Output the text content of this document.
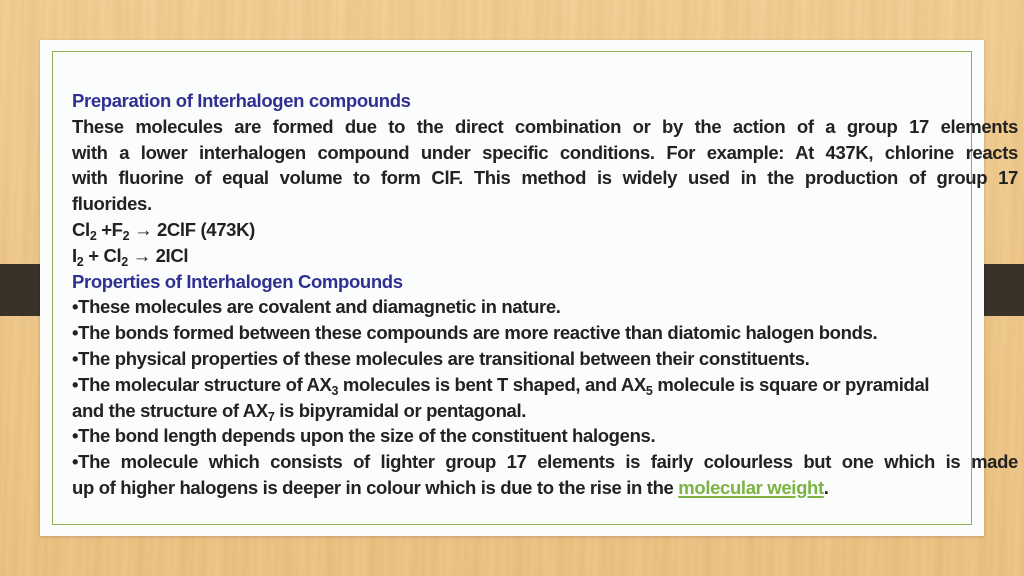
Preparation of Interhalogen compounds
These molecules are formed due to the direct combination or by the action of a group 17 elements
with a lower interhalogen compound under specific conditions. For example: At 437K, chlorine reacts
with fluorine of equal volume to form ClF. This method is widely used in the production of group 17
fluorides.
$Cl_2 +F_2 \to 2ClF$ (473K)
$I_2 + Cl_2 \to 2ICl$
Properties of Interhalogen Compounds
•These molecules are covalent and diamagnetic in nature.
•The bonds formed between these compounds are more reactive than diatomic halogen bonds.
•The physical properties of these molecules are transitional between their constituents.
•The molecular structure of $AX_3$ molecules is bent T shaped, and $AX_5$ molecule is square or pyramidal
and the structure of $AX_7$ is bipyramidal or pentagonal.
•The bond length depends upon the size of the constituent halogens.
•The molecule which consists of lighter group 17 elements is fairly colourless but one which is made
up of higher halogens is deeper in colour which is due to the rise in the molecular weight.
